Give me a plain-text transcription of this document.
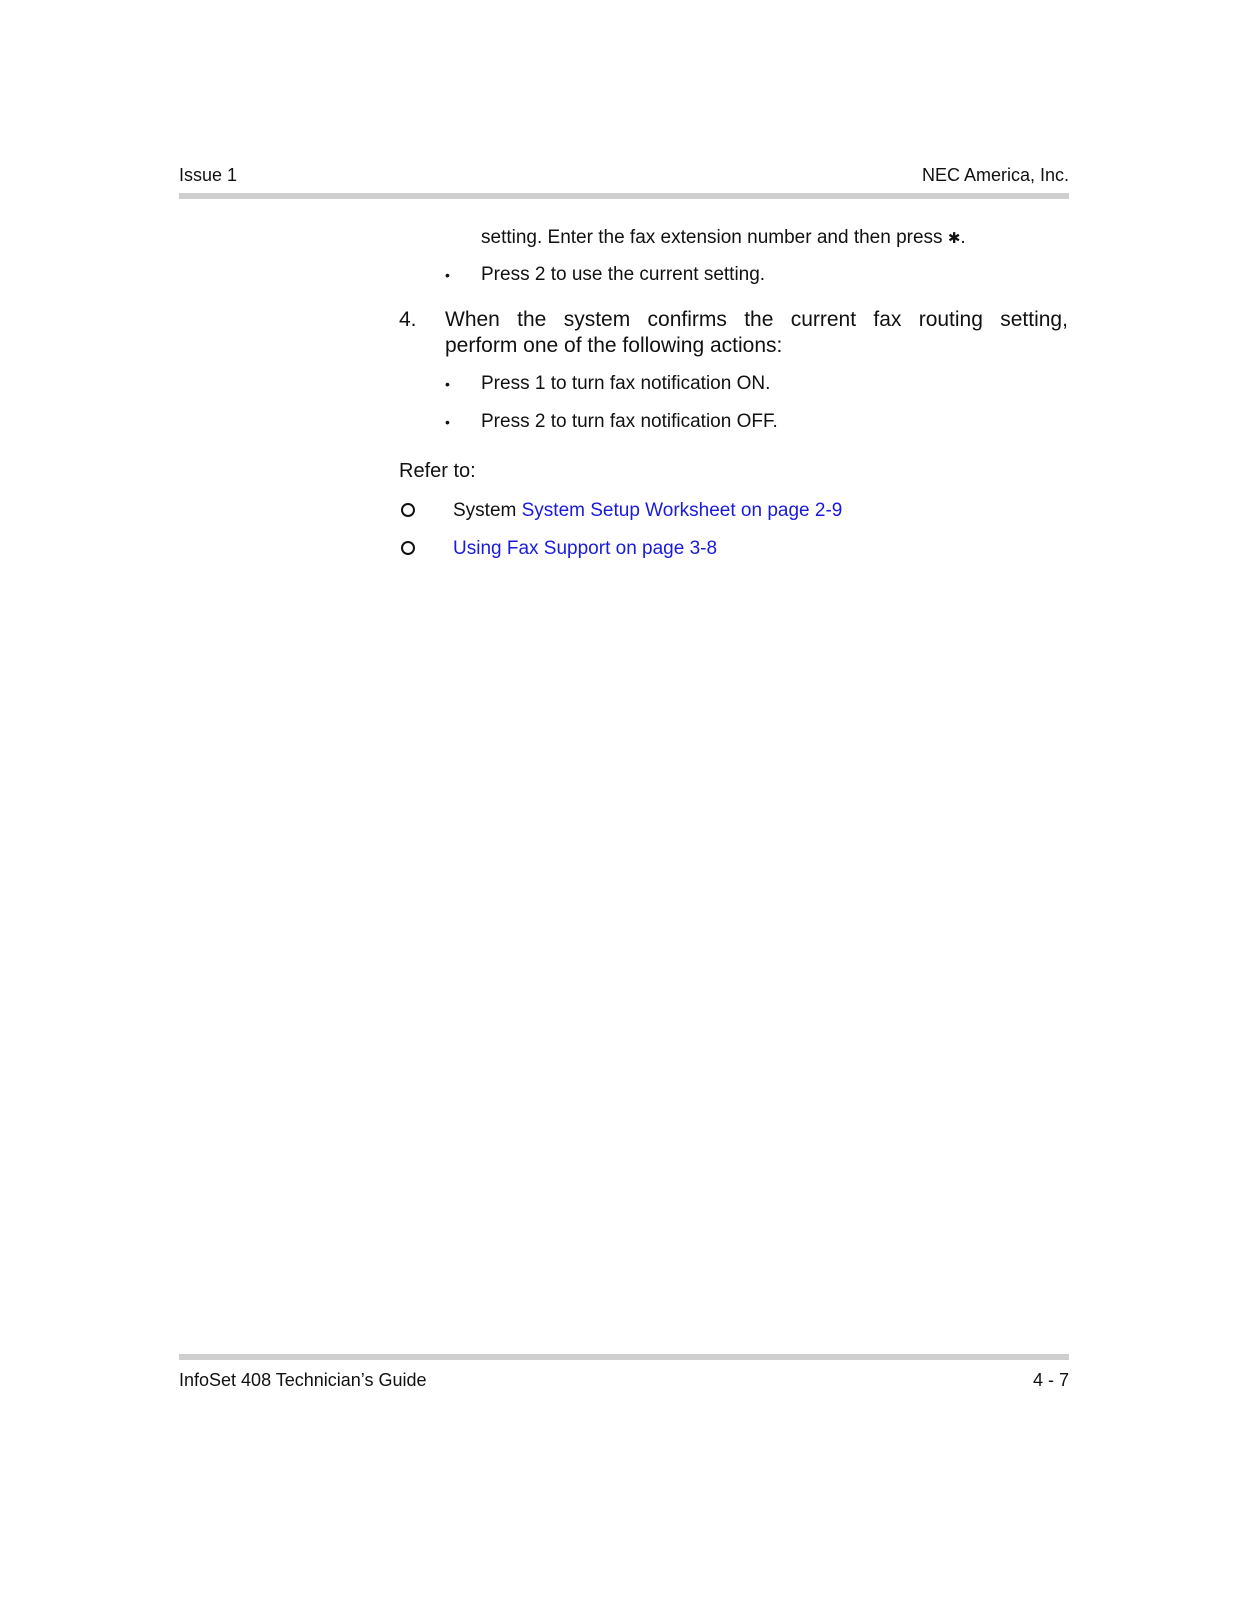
Issue 1	NEC America, Inc.
setting. Enter the fax extension number and then press ✱.
• Press 2 to use the current setting.
4. When the system confirms the current fax routing setting,
perform one of the following actions:
• Press 1 to turn fax notification ON.
• Press 2 to turn fax notification OFF.
Refer to:
System System Setup Worksheet on page 2-9
Using Fax Support on page 3-8
InfoSet 408 Technician’s Guide	4 - 7
